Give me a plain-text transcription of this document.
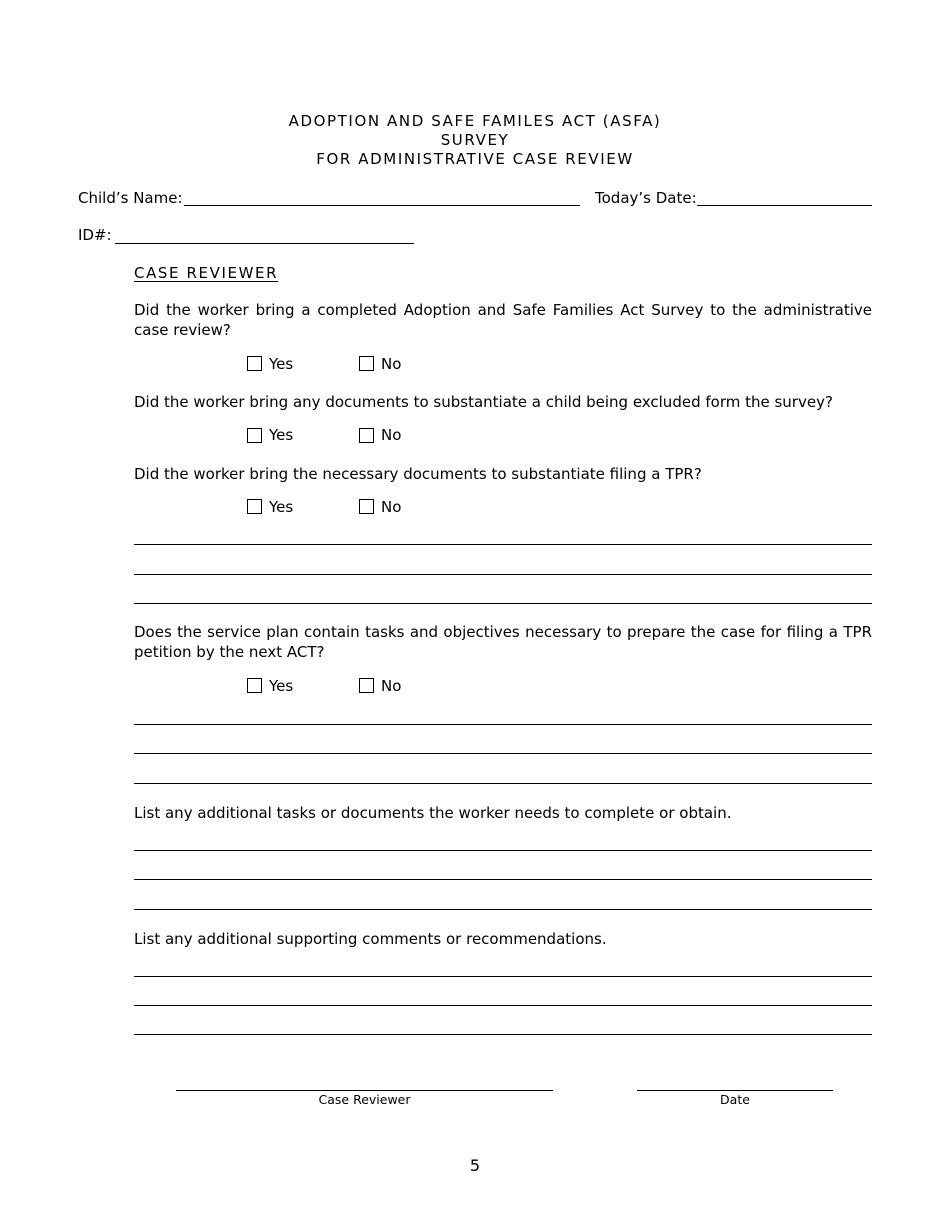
ADOPTION AND SAFE FAMILES ACT (ASFA)
SURVEY
FOR ADMINISTRATIVE CASE REVIEW
Child’s Name:	Today’s Date:
ID#:
CASE REVIEWER
Did the worker bring a completed Adoption and Safe Families Act Survey to the administrative case review?
Yes	No
Did the worker bring any documents to substantiate a child being excluded form the survey?
Yes	No
Did the worker bring the necessary documents to substantiate filing a TPR?
Yes	No
Does the service plan contain tasks and objectives necessary to prepare the case for filing a TPR petition by the next ACT?
Yes	No
List any additional tasks or documents the worker needs to complete or obtain.
List any additional supporting comments or recommendations.
Case Reviewer	Date
5
